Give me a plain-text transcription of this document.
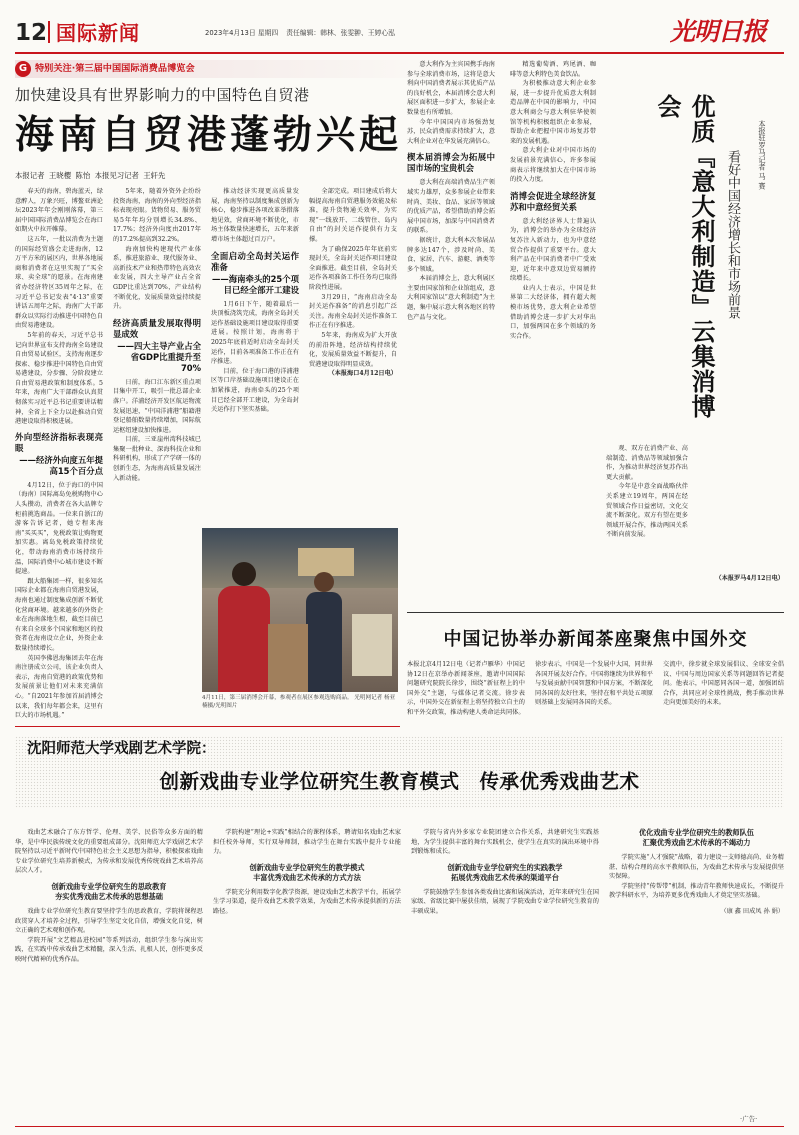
12 国际新闻	2023年4月13日 星期四 责任编辑：韩林、张雯翀、王婷心泓	光明日报
G 特别关注·第三届中国国际消费品博览会
加快建设具有世界影响力的中国特色自贸港
海南自贸港蓬勃兴起
本报记者 王晓樱 陈怡 本报见习记者 王轩先

春天的海南，碧海蓝天，绿意醉人，万象兴旺，博鳌亚洲论坛2023年年会刚刚落幕，第三届中国国际消费品博览会在海口如期火中拉开帷幕。

这五年，一批以消费为主题的国际经贸盛会走进海南，12万平方米的展区内，世界各地展商和消费者在这里实现了“买全球、卖全球”的愿景。在海南建省办经济特区35周年之际，在习近平总书记发表“4·13”重要讲话五周年之际，海南广大干部群众以实际行动推进中国特色自由贸易港建设。

5年前的春天，习近平总书记向世界宣布支持海南全岛建设自由贸易试验区，支持海南逐步探索、稳步推进中国特色自由贸易港建设，分步骤、分阶段建立自由贸易港政策和制度体系。5年来，海南广大干部群众认真贯彻落实习近平总书记重要讲话精神，全省上下全力以赴推动自贸港建设取得积极进展。

外向型经济指标表现亮眼
——经济外向度五年提高15个百分点

4月12日，位于海口的中国（海南）国际离岛免税购物中心人头攒动，消费者在各大品牌专柜前挑选商品。一位来自浙江的游客告诉记者，她专程来海南“买买买”，免税政策让购物更加实惠。离岛免税政策持续优化，带动海南消费市场持续升温，国际消费中心城市建设不断提速。

跟大船集团一样，很多知名国际企业都在海南自贸港发展，海南也通过制度集成创新不断优化营商环境。越来越多的外资企业在海南落地生根，截至目前已有来自全球多个国家和地区的投资者在海南设立企业，外资企业数量持续增长。

英国李佛恩海集团去年在海南注册成立公司，该企业负责人表示，海南自贸港的政策优势和发展前景让他们对未来充满信心。“自2021年参加首届消博会以来，我们每年都会来，这里有巨大的市场机遇。”

5年来，随着外资外企纷纷投资海南，海南的外向型经济指标表现亮眼。货物贸易、服务贸易5年年均分别增长34.8%、17.7%；经济外向度由2017年的17.2%提高到32.2%。

海南加快构建现代产业体系，推进旅游业、现代服务业、高新技术产业和热带特色高效农业发展，四大主导产业占全省GDP比重达到70%，产业结构不断优化，发展质量效益持续提升。

经济高质量发展取得明显成效
——四大主导产业占全省GDP比重提升至70%

日前，海口江东新区重点项目集中开工，吸引一批总部企业落户。洋浦经济开发区航运物流发展迅速，“中国洋浦港”船籍港登记船舶数量持续增加，国际航运枢纽建设加快推进。

目前，三亚崖州湾科技城已集聚一批种业、深海科技企业和科研机构，形成了产学研一体的创新生态，为海南高质量发展注入新动能。

推动经济实现更高质量发展，海南坚持以制度集成创新为核心，稳步推进各项改革举措落地见效，营商环境不断优化，市场主体数量快速增长，五年来新增市场主体超过百万户。

全面启动全岛封关运作准备
——海南牵头的25个项目已经全部开工建设

1月6日下午，随着最后一块顶板浇筑完成，海南全岛封关运作基础设施项目建设取得重要进展。按照计划，海南将于2025年底前适时启动全岛封关运作，目前各项准备工作正在有序推进。

目前，位于海口港的洋浦港区等口岸基础设施项目建设正在加紧推进，海南牵头的25个项目已经全部开工建设，为全岛封关运作打下坚实基础。

全部完成。项目建成后将大幅提高海南自贸港服务效能及标准，提升货物通关效率，为实现“一线放开、二线管住、岛内自由”的封关运作提供有力支撑。

为了确保2025年年底前实现封关，全岛封关运作项目建设全面推进。截至目前，全岛封关运作各项准备工作任务均已取得阶段性进展。

3月29日，“海南启动全岛封关运作准备”的消息引起广泛关注。海南全岛封关运作准备工作正在有序推进。

5年来，海南成为扩大开放的前沿阵地，经济结构持续优化，发展质量效益不断提升，自贸港建设取得明显成效。

（本报海口4月12日电）

意大利作为主宾国携手海南参与全球消费市场，这将是意大利向中国消费者展示其优质产品的良好机会，本届消博会意大利展区面积进一步扩大，参展企业数量也有所增加。

今年中国国内市场强劲复苏，民众消费需求持续扩大，意大利企业对在华发展充满信心。

楔本届消博会为拓展中国市场的宝贵机会

意大利在高端消费品生产领域实力雄厚，众多参展企业带来时尚、美妆、食品、家居等领域的优质产品，希望借助消博会拓展中国市场，加深与中国消费者的联系。

据统计，意大利本次参展品牌多达147个，涉及时尚、美食、家居、汽车、游艇、酒类等多个领域。

本届消博会上，意大利展区主要由国家馆和企业馆组成，意大利国家馆以“意大利制造”为主题，集中展示意大利各地区的特色产品与文化。

4月11日，第三届消博会开幕，参观者在展区参观选购商品。 光明网记者 杨亚楠摄/光明图片
优质『意大利制造』云集消博会
看好中国经济增长和市场前景	本报驻罗马记者 马 赛

精选葡萄酒、鸡尾酒、咖啡等意大利特色美食饮品。

为积极推动意大利企业参展，进一步提升优质意大利制造品牌在中国的影响力，中国意大利商会与意大利驻华使领馆等机构积极组织企业参展，帮助企业把握中国市场复苏带来的发展机遇。

意大利企业对中国市场的发展前景充满信心，许多参展商表示将继续加大在中国市场的投入力度。

消博会促进全球经济复苏和中意经贸关系

意大利经济界人士普遍认为，消博会的举办为全球经济复苏注入新动力，也为中意经贸合作提供了重要平台。意大利产品在中国消费者中广受欢迎，近年来中意双边贸易额持续增长。

业内人士表示，中国是世界第二大经济体，拥有超大规模市场优势，意大利企业希望借助消博会进一步扩大对华出口，加强两国在多个领域的务实合作。

观、双方在消费产业、高端制造、消费品等领域加强合作，为推动世界经济复苏作出更大贡献。

今年是中意全面战略伙伴关系建立19周年，两国在经贸领域合作日益密切，文化交流不断深化。双方有望在更多领域开展合作，推动两国关系不断向前发展。

（本报罗马4月12日电）
中国记协举办新闻茶座聚焦中国外交
本报北京4月12日电（记者卢雁华）中国记协12日在京举办新闻茶座，邀请中国国际问题研究院院长徐步，围绕“新征程上的中国外交”主题，与媒体记者交流。徐步表示，中国外交在新征程上将坚持独立自主的和平外交政策，推动构建人类命运共同体。
徐步表示，中国是一个发展中大国，同世界各国开展友好合作。中国将继续为世界和平与发展贡献中国智慧和中国方案，不断深化同各国的友好往来，坚持在和平共处五项原则基础上发展同各国的关系。
交流中，徐步就全球发展倡议、全球安全倡议、中国与周边国家关系等问题回答记者提问。他表示，中国愿同各国一道，加强团结合作，共同应对全球性挑战，携手推动世界走向更加美好的未来。
沈阳师范大学戏剧艺术学院：
创新戏曲专业学位研究生教育模式　传承优秀戏曲艺术

戏曲艺术融合了东方哲学、伦理、美学、民俗等众多方面的精华，是中华民族传统文化的重要组成部分。沈阳师范大学戏剧艺术学院坚持以习近平新时代中国特色社会主义思想为指导，积极探索戏曲专业学位研究生培养新模式，为传承和发展优秀传统戏曲艺术培养高层次人才。

创新戏曲专业学位研究生的思政教育
夯实优秀戏曲艺术传承的思想基础

戏曲专业学位研究生教育要坚持学生的思政教育，学院将课程思政贯穿人才培养全过程，引导学生坚定文化自信，增强文化自觉，树立正确的艺术观和创作观。

学院开展“文艺精品进校园”等系列活动，组织学生参与演出实践，在实践中传承戏曲艺术精髓，深入生活、扎根人民，创作更多反映时代精神的优秀作品。

学院构建“理论+实践”相结合的课程体系，聘请知名戏曲艺术家担任校外导师，实行双导师制，推动学生在舞台实践中提升专业能力。

创新戏曲专业学位研究生的教学模式
丰富优秀戏曲艺术传承的方式方法

学院充分利用数字化教学资源，建设戏曲艺术教学平台，拓展学生学习渠道，提升戏曲艺术教学效果，为戏曲艺术传承提供新的方法路径。

学院与省内外多家专业院团建立合作关系，共建研究生实践基地，为学生提供丰富的舞台实践机会，使学生在真实的演出环境中得到锻炼和成长。

创新戏曲专业学位研究生的实践教学
拓展优秀戏曲艺术传承的渠道平台

学院鼓励学生参加各类戏曲比赛和展演活动，近年来研究生在国家级、省级比赛中屡获佳绩，展现了学院戏曲专业学位研究生教育的丰硕成果。

优化戏曲专业学位研究生的教师队伍
汇聚优秀戏曲艺术传承的不竭动力

学院实施“人才强院”战略，着力建设一支师德高尚、业务精湛、结构合理的高水平教师队伍，为戏曲艺术传承与发展提供坚实保障。

学院坚持“传帮带”机制，推动青年教师快速成长，不断提升教学科研水平，为培养更多优秀戏曲人才奠定坚实基础。

（康 鑫 田成凤 孙 娟）
·广告·
